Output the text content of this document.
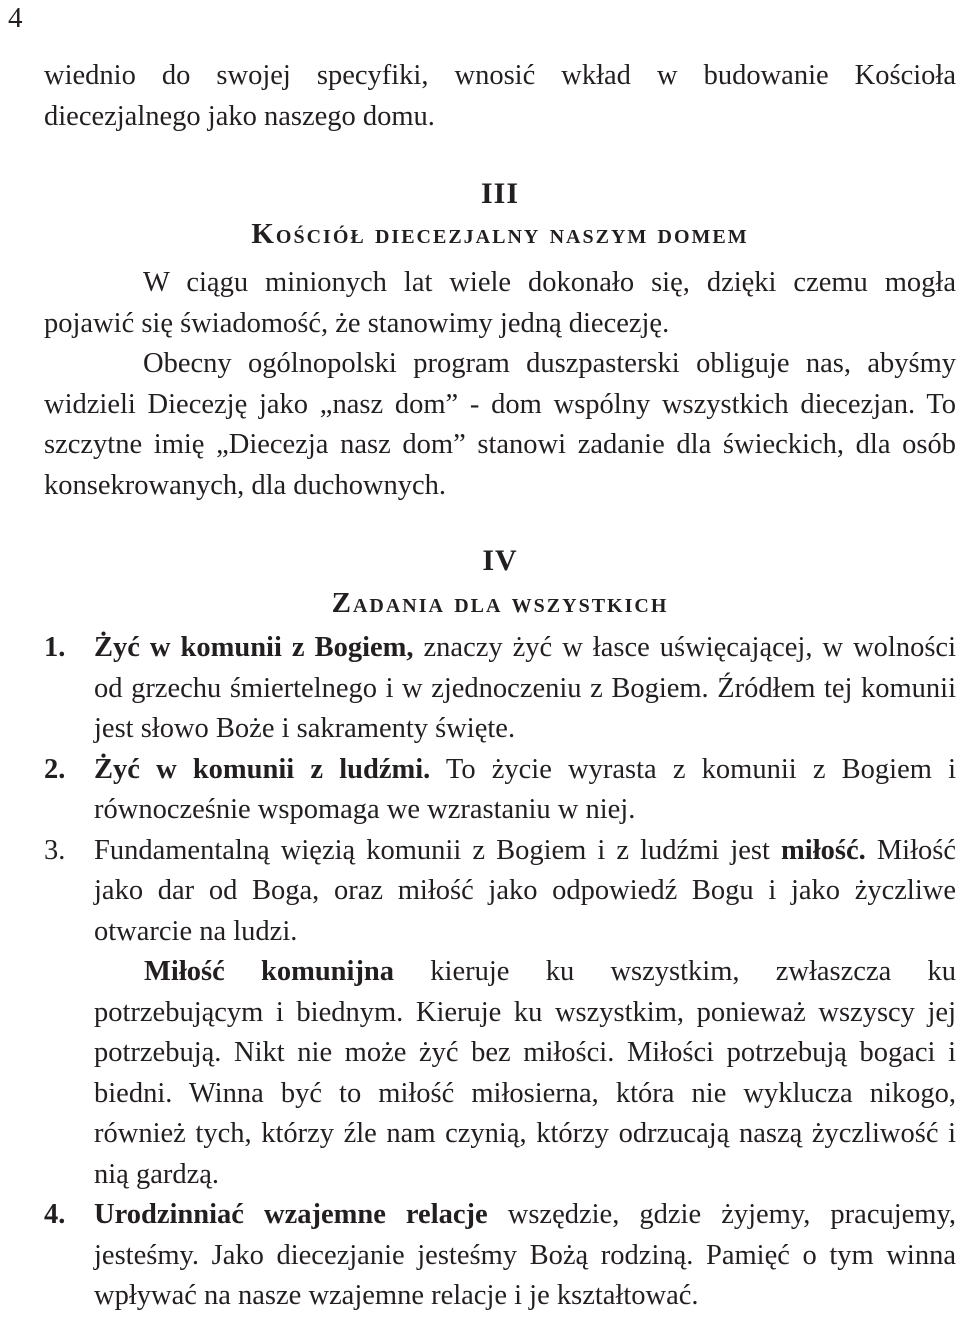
4

wiednio do swojej specyfiki, wnosić wkład w budowanie Kościoła diecezjalnego jako naszego domu.

III
Kościół diecezjalny naszym domem

W ciągu minionych lat wiele dokonało się, dzięki czemu mogła pojawić się świadomość, że stanowimy jedną diecezję.

Obecny ogólnopolski program duszpasterski obliguje nas, abyśmy widzieli Diecezję jako „nasz dom” - dom wspólny wszystkich diecezjan. To szczytne imię „Diecezja nasz dom” stanowi zadanie dla świeckich, dla osób konsekrowanych, dla duchownych.

IV
Zadania dla wszystkich
1. Żyć w komunii z Bogiem, znaczy żyć w łasce uświęcającej, w wolności od grzechu śmiertelnego i w zjednoczeniu z Bogiem. Źródłem tej komunii jest słowo Boże i sakramenty święte.

2. Żyć w komunii z ludźmi. To życie wyrasta z komunii z Bogiem i równocześnie wspomaga we wzrastaniu w niej.

3. Fundamentalną więzią komunii z Bogiem i z ludźmi jest miłość. Miłość jako dar od Boga, oraz miłość jako odpowiedź Bogu i jako życzliwe otwarcie na ludzi.

Miłość komunijna kieruje ku wszystkim, zwłaszcza ku potrzebującym i biednym. Kieruje ku wszystkim, ponieważ wszyscy jej potrzebują. Nikt nie może żyć bez miłości. Miłości potrzebują bogaci i biedni. Winna być to miłość miłosierna, która nie wyklucza nikogo, również tych, którzy źle nam czynią, którzy odrzucają naszą życzliwość i nią gardzą.

4. Urodzinniać wzajemne relacje wszędzie, gdzie żyjemy, pracujemy, jesteśmy. Jako diecezjanie jesteśmy Bożą rodziną. Pamięć o tym winna wpływać na nasze wzajemne relacje i je kształtować.
